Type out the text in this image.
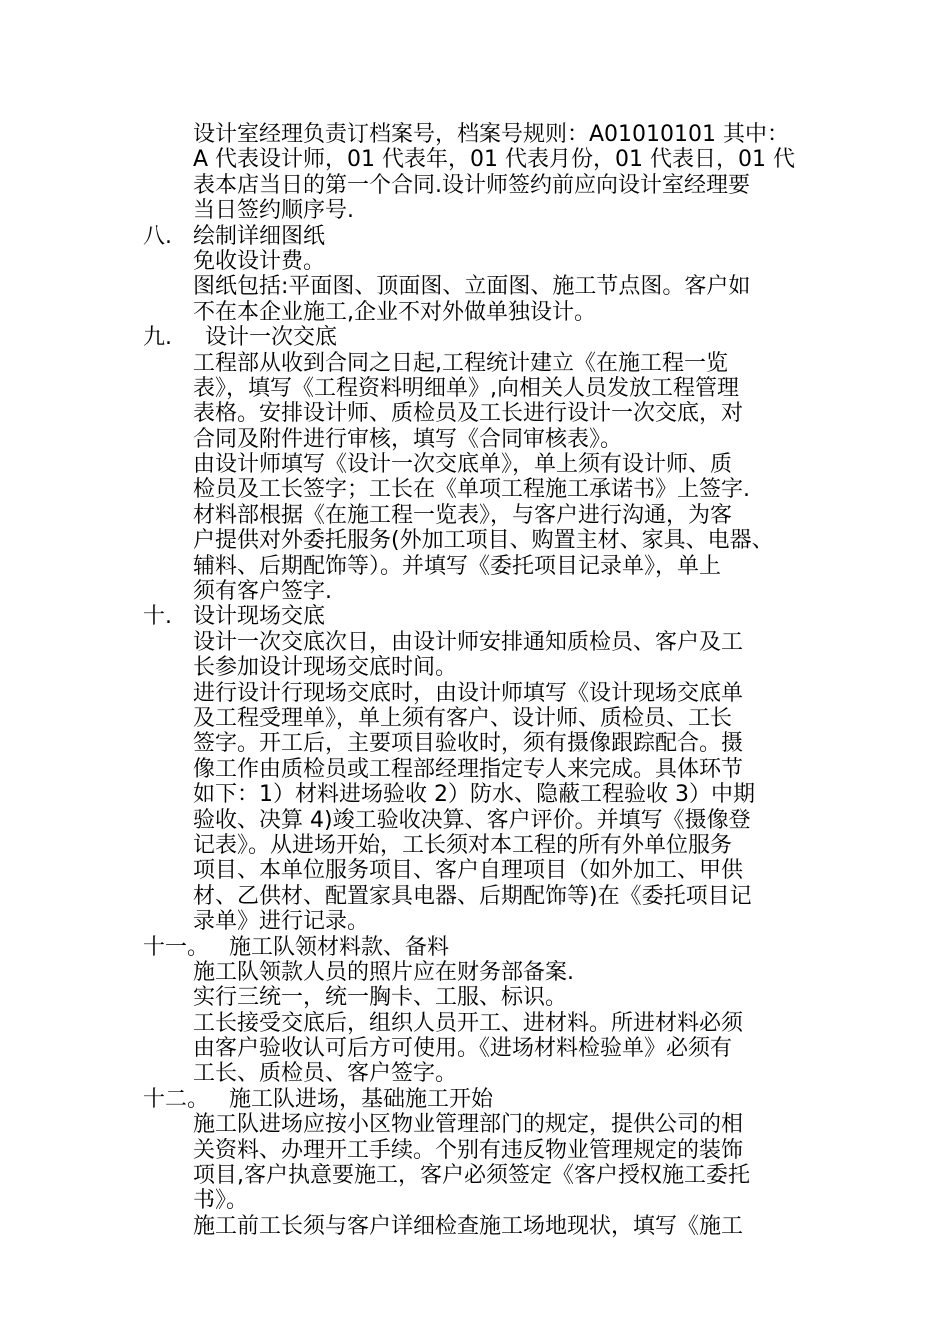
设计室经理负责订档案号，档案号规则：A01010101 其中：
A 代表设计师，01 代表年，01 代表月份，01 代表日，01 代
表本店当日的第一个合同.设计师签约前应向设计室经理要
当日签约顺序号.
八. 绘制详细图纸
免收设计费。
图纸包括:平面图、顶面图、立面图、施工节点图。客户如
不在本企业施工,企业不对外做单独设计。
九. 设计一次交底
工程部从收到合同之日起,工程统计建立《在施工程一览
表》，填写《工程资料明细单》,向相关人员发放工程管理
表格。安排设计师、质检员及工长进行设计一次交底，对
合同及附件进行审核，填写《合同审核表》。
由设计师填写《设计一次交底单》，单上须有设计师、质
检员及工长签字；工长在《单项工程施工承诺书》上签字.
材料部根据《在施工程一览表》，与客户进行沟通，为客
户提供对外委托服务(外加工项目、购置主材、家具、电器、
辅料、后期配饰等）。并填写《委托项目记录单》，单上
须有客户签字.
十. 设计现场交底
设计一次交底次日，由设计师安排通知质检员、客户及工
长参加设计现场交底时间。
进行设计行现场交底时，由设计师填写《设计现场交底单
及工程受理单》，单上须有客户、设计师、质检员、工长
签字。开工后，主要项目验收时，须有摄像跟踪配合。摄
像工作由质检员或工程部经理指定专人来完成。具体环节
如下：1）材料进场验收 2）防水、隐蔽工程验收 3）中期
验收、决算 4)竣工验收决算、客户评价。并填写《摄像登
记表》。从进场开始，工长须对本工程的所有外单位服务
项目、本单位服务项目、客户自理项目（如外加工、甲供
材、乙供材、配置家具电器、后期配饰等)在《委托项目记
录单》进行记录。
十一。 施工队领材料款、备料
施工队领款人员的照片应在财务部备案.
实行三统一，统一胸卡、工服、标识。
工长接受交底后，组织人员开工、进材料。所进材料必须
由客户验收认可后方可使用。《进场材料检验单》必须有
工长、质检员、客户签字。
十二。 施工队进场，基础施工开始
施工队进场应按小区物业管理部门的规定，提供公司的相
关资料、办理开工手续。个别有违反物业管理规定的装饰
项目,客户执意要施工，客户必须签定《客户授权施工委托
书》。
施工前工长须与客户详细检查施工场地现状，填写《施工
